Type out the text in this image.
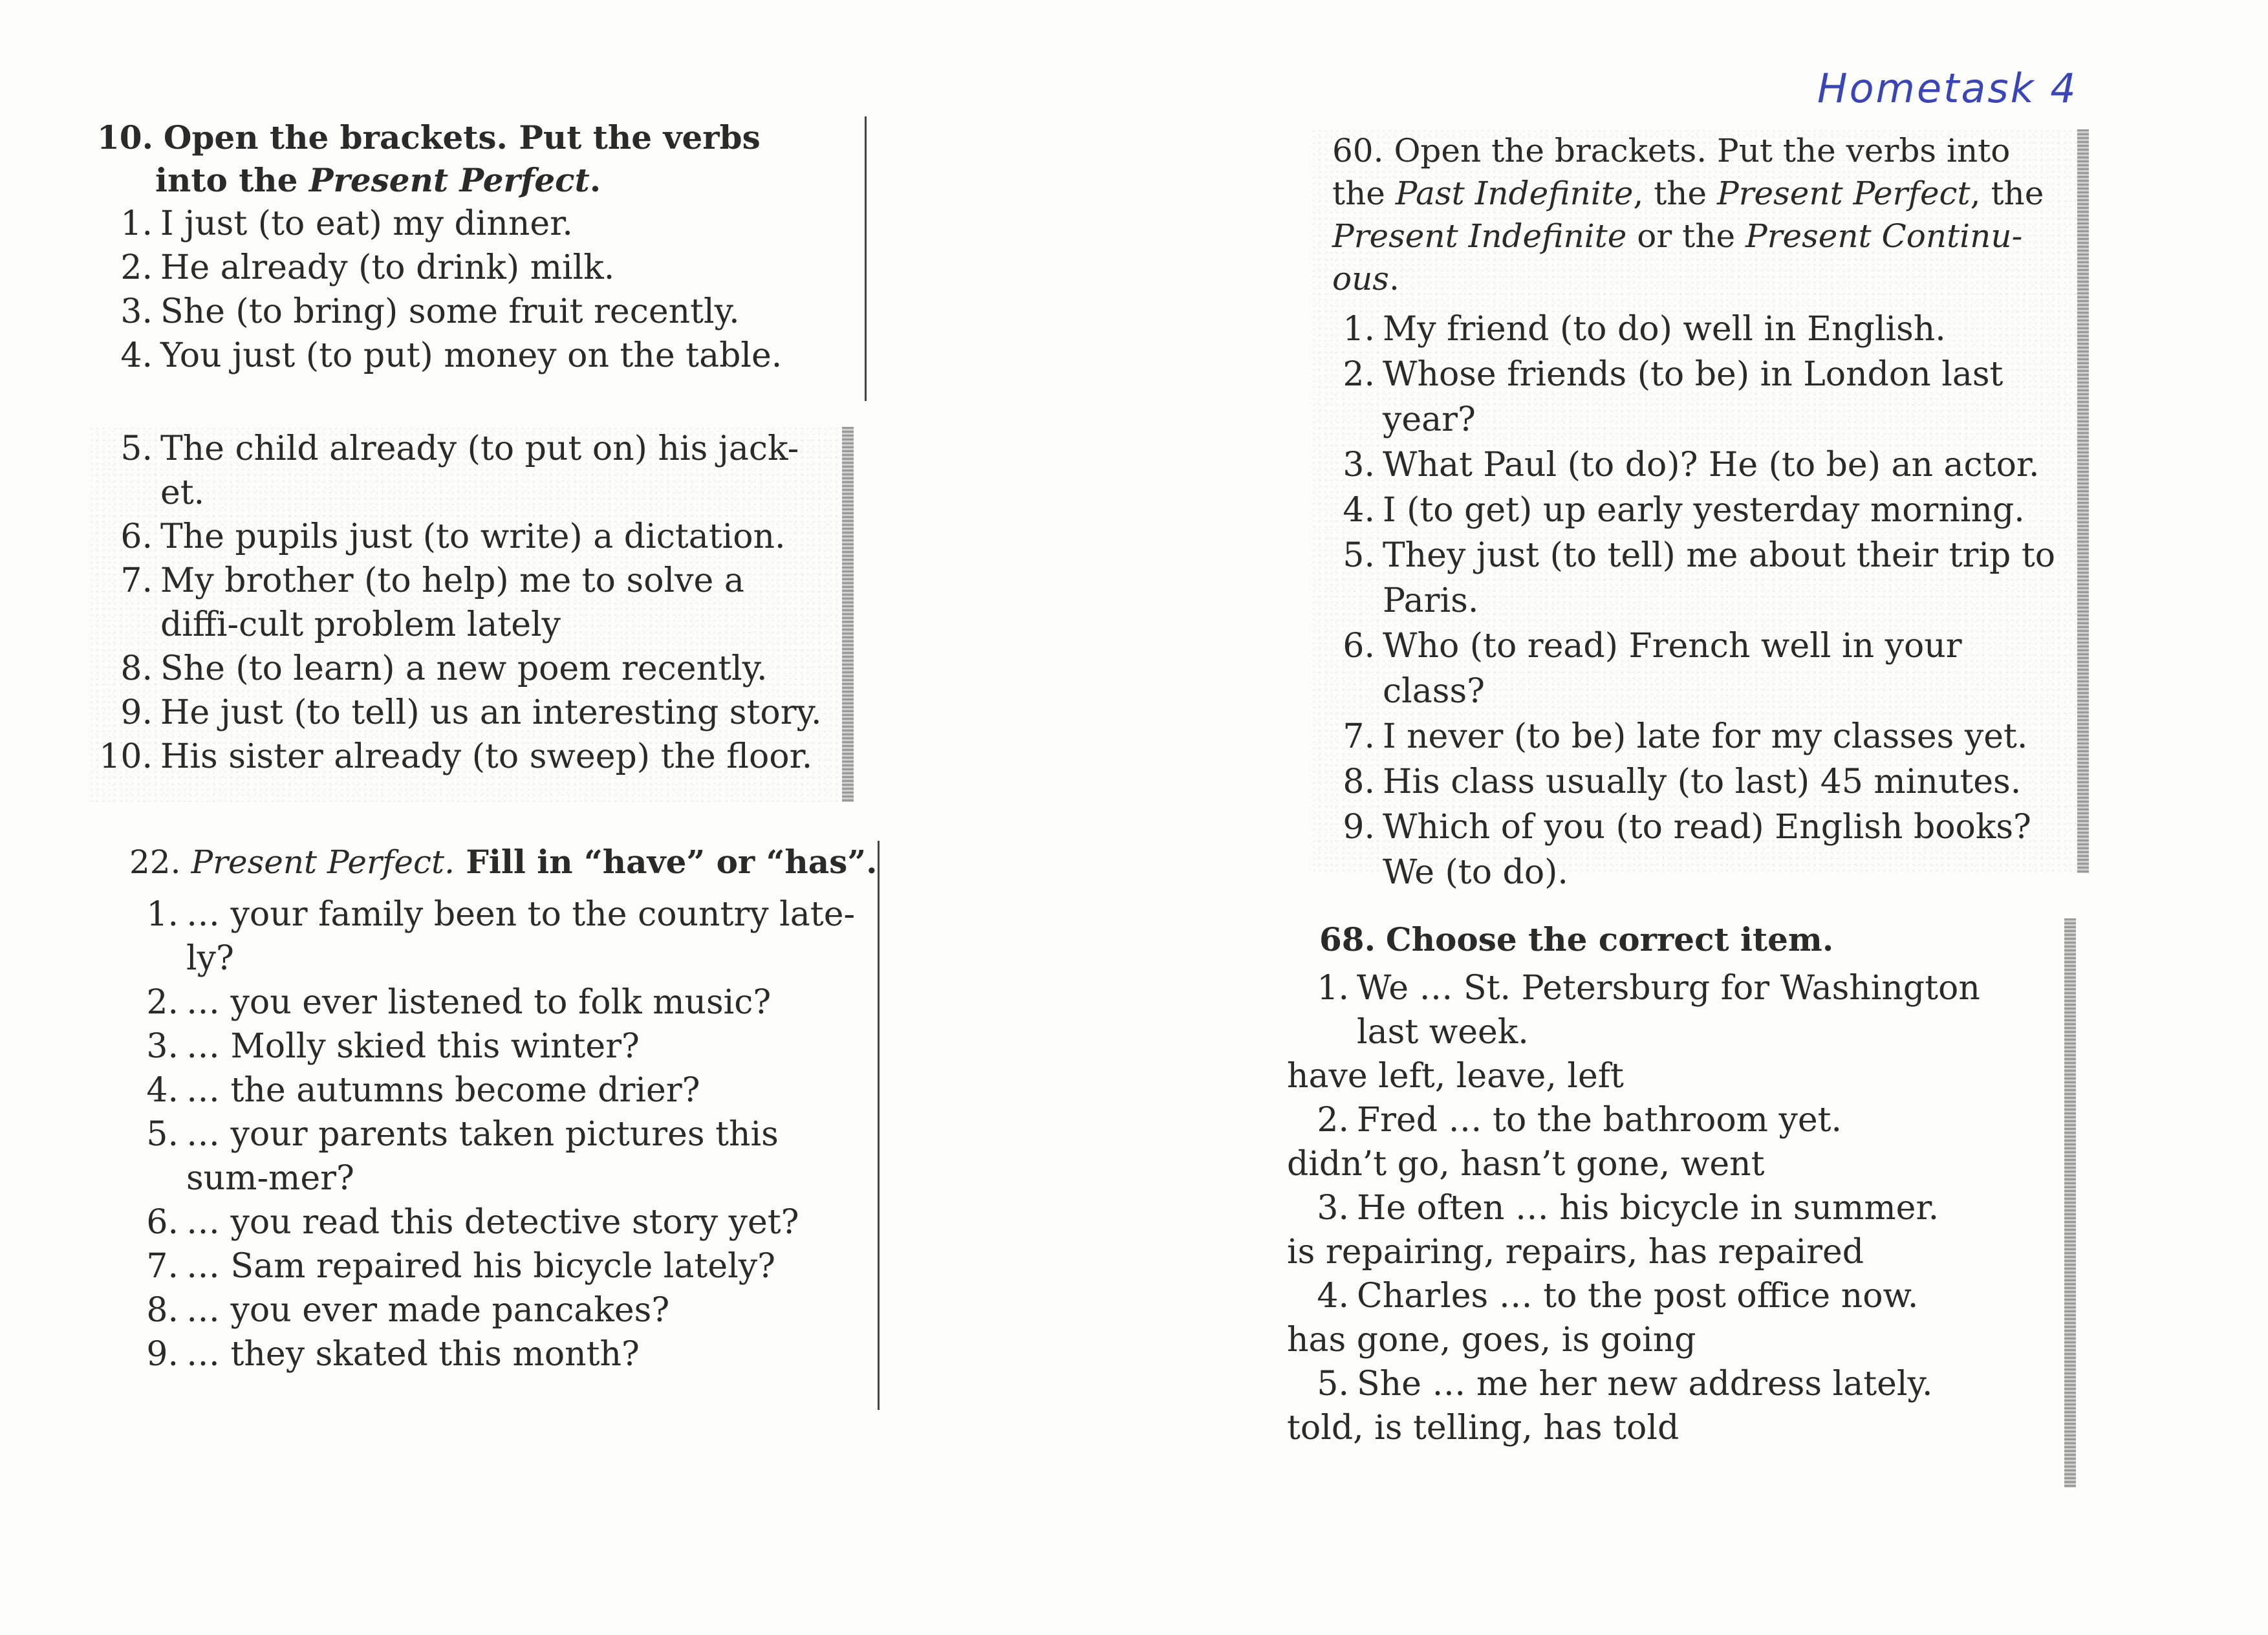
Hometask 4
10. Open the brackets. Put the verbs
into the Present Perfect.
1. I just (to eat) my dinner.
2. He already (to drink) milk.
3. She (to bring) some fruit recently.
4. You just (to put) money on the table.
5. The child already (to put on) his jack-et.
6. The pupils just (to write) a dictation.
7. My brother (to help) me to solve a diffi-cult problem lately
8. She (to learn) a new poem recently.
9. He just (to tell) us an interesting story.
10. His sister already (to sweep) the floor.
22. Present Perfect. Fill in “have” or “has”.
1. … your family been to the country late-ly?
2. … you ever listened to folk music?
3. … Molly skied this winter?
4. … the autumns become drier?
5. … your parents taken pictures this sum-mer?
6. … you read this detective story yet?
7. … Sam repaired his bicycle lately?
8. … you ever made pancakes?
9. … they skated this month?
60. Open the brackets. Put the verbs into the Past Indefinite, the Present Perfect, the Present Indefinite or the Present Continu-ous.
1. My friend (to do) well in English.
2. Whose friends (to be) in London last year?
3. What Paul (to do)? He (to be) an actor.
4. I (to get) up early yesterday morning.
5. They just (to tell) me about their trip to Paris.
6. Who (to read) French well in your class?
7. I never (to be) late for my classes yet.
8. His class usually (to last) 45 minutes.
9. Which of you (to read) English books? We (to do).
68. Choose the correct item.
1. We … St. Petersburg for Washington last week.
have left, leave, left
2. Fred … to the bathroom yet.
didn’t go, hasn’t gone, went
3. He often … his bicycle in summer.
is repairing, repairs, has repaired
4. Charles … to the post office now.
has gone, goes, is going
5. She … me her new address lately.
told, is telling, has told
